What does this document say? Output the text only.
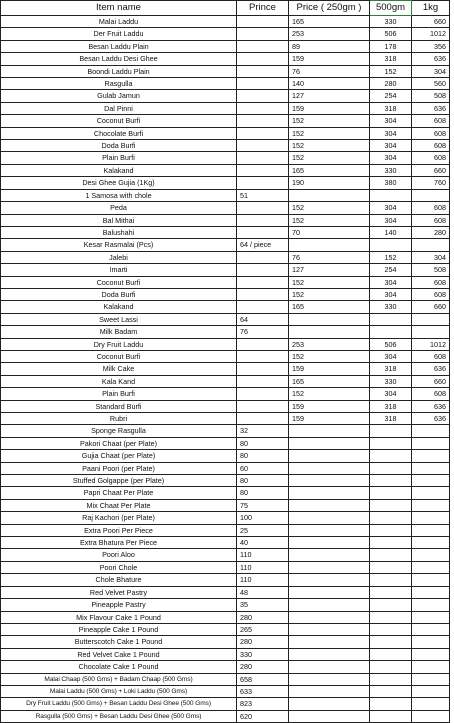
Item name	Prince	Price ( 250gm )	500gm	1kg
Malai Laddu		165	330	660
Der Fruit Laddu		253	506	1012
Besan Laddu Plain		89	178	356
Besan Laddu Desi Ghee		159	318	636
Boondi Laddu Plain		76	152	304
Rasgulla		140	280	560
Gulab Jamun		127	254	508
Dal Pinni		159	318	636
Coconut Burfi		152	304	608
Chocolate Burfi		152	304	608
Doda Burfi		152	304	608
Plain Burfi		152	304	608
Kalakand		165	330	660
Desi Ghee Gujia (1Kg)		190	380	760
1 Samosa with chole	51			
Peda		152	304	608
Bal Mithai		152	304	608
Balushahi		70	140	280
Kesar Rasmalai (Pcs)	64 / piece			
Jalebi		76	152	304
Imarti		127	254	508
Coconut Burfi		152	304	608
Doda Burfi		152	304	608
Kalakand		165	330	660
Sweet Lassi	64			
Milk Badam	76			
Dry Fruit Laddu		253	506	1012
Coconut Burfi		152	304	608
Milk Cake		159	318	636
Kala Kand		165	330	660
Plain Burfi		152	304	608
Standard Burfi		159	318	636
Rubri		159	318	636
Sponge Rasgulla	32			
Pakori Chaat (per Plate)	80			
Gujia Chaat (per Plate)	80			
Paani Poori (per Plate)	60			
Stuffed Golgappe (per Plate)	80			
Papri Chaat Per Plate	80			
Mix Chaat Per Plate	75			
Raj Kachori (per Plate)	100			
Extra Poori Per Piece	25			
Extra Bhatura Per Piece	40			
Poori Aloo	110			
Poori Chole	110			
Chole Bhature	110			
Red Velvet Pastry	48			
Pineapple Pastry	35			
Mix Flavour Cake 1 Pound	280			
Pineapple Cake 1 Pound	265			
Butterscotch Cake 1 Pound	280			
Red Velvet Cake 1 Pound	330			
Chocolate Cake 1 Pound	280			
Malai Chaap (500 Gms) + Badam Chaap (500 Gms)	658			
Malai Laddu (500 Gms) + Loki Laddu (500 Gms)	633			
Dry Fruit Laddu (500 Gms) + Besan Laddu Desi Ghee (500 Gms)	823			
Rasgulla (500 Gms) + Besan Laddu Desi Ghee (500 Gms)	620			
